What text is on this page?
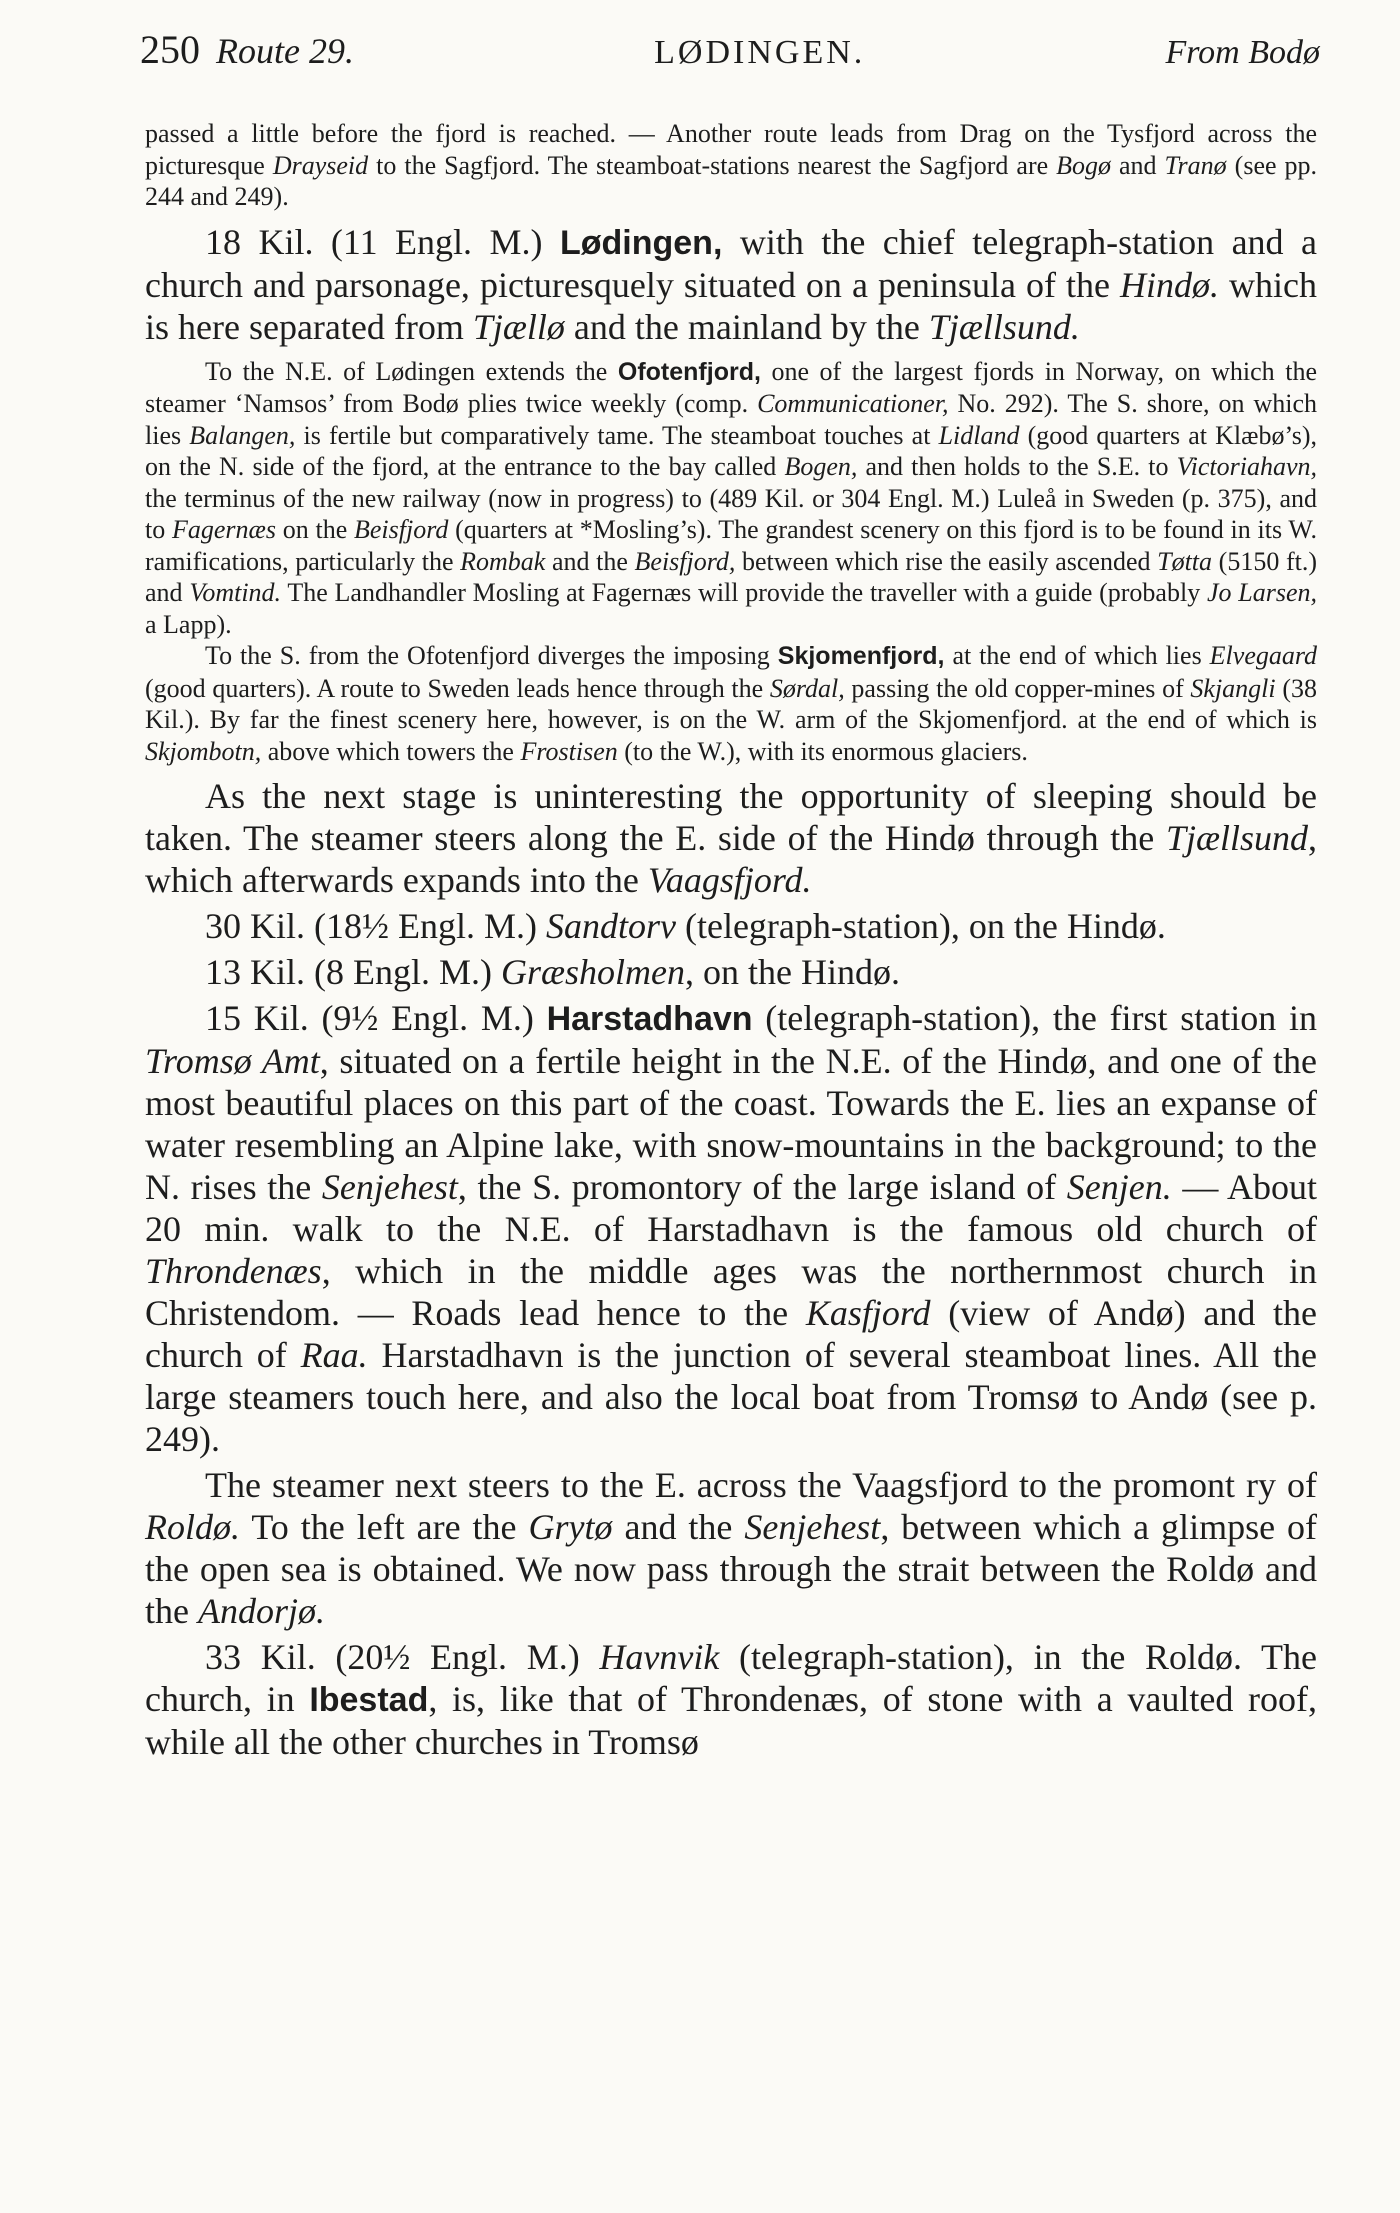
250 Route 29.	LØDINGEN.	From Bodø

passed a little before the fjord is reached. — Another route leads from Drag on the Tysfjord across the picturesque Drayseid to the Sagfjord. The steamboat-stations nearest the Sagfjord are Bogø and Tranø (see pp. 244 and 249).

18 Kil. (11 Engl. M.) Lødingen, with the chief telegraph-station and a church and parsonage, picturesquely situated on a peninsula of the Hindø. which is here separated from Tjællø and the mainland by the Tjællsund.

To the N.E. of Lødingen extends the Ofotenfjord, one of the largest fjords in Norway, on which the steamer ‘Namsos’ from Bodø plies twice weekly (comp. Communicationer, No. 292). The S. shore, on which lies Balangen, is fertile but comparatively tame. The steamboat touches at Lidland (good quarters at Klæbø’s), on the N. side of the fjord, at the entrance to the bay called Bogen, and then holds to the S.E. to Victoriahavn, the terminus of the new railway (now in progress) to (489 Kil. or 304 Engl. M.) Luleå in Sweden (p. 375), and to Fagernæs on the Beisfjord (quarters at *Mosling’s). The grandest scenery on this fjord is to be found in its W. ramifications, particularly the Rombak and the Beisfjord, between which rise the easily ascended Tøtta (5150 ft.) and Vomtind. The Landhandler Mosling at Fagernæs will provide the traveller with a guide (probably Jo Larsen, a Lapp).

To the S. from the Ofotenfjord diverges the imposing Skjomenfjord, at the end of which lies Elvegaard (good quarters). A route to Sweden leads hence through the Sørdal, passing the old copper-mines of Skjangli (38 Kil.). By far the finest scenery here, however, is on the W. arm of the Skjomenfjord. at the end of which is Skjombotn, above which towers the Frostisen (to the W.), with its enormous glaciers.

As the next stage is uninteresting the opportunity of sleeping should be taken. The steamer steers along the E. side of the Hindø through the Tjællsund, which afterwards expands into the Vaagsfjord.

30 Kil. (18½ Engl. M.) Sandtorv (telegraph-station), on the Hindø.

13 Kil. (8 Engl. M.) Græsholmen, on the Hindø.

15 Kil. (9½ Engl. M.) Harstadhavn (telegraph-station), the first station in Tromsø Amt, situated on a fertile height in the N.E. of the Hindø, and one of the most beautiful places on this part of the coast. Towards the E. lies an expanse of water resembling an Alpine lake, with snow-mountains in the background; to the N. rises the Senjehest, the S. promontory of the large island of Senjen. — About 20 min. walk to the N.E. of Harstadhavn is the famous old church of Throndenæs, which in the middle ages was the northernmost church in Christendom. — Roads lead hence to the Kasfjord (view of Andø) and the church of Raa. Harstadhavn is the junction of several steamboat lines. All the large steamers touch here, and also the local boat from Tromsø to Andø (see p. 249).

The steamer next steers to the E. across the Vaagsfjord to the promont ry of Roldø. To the left are the Grytø and the Senjehest, between which a glimpse of the open sea is obtained. We now pass through the strait between the Roldø and the Andorjø.

33 Kil. (20½ Engl. M.) Havnvik (telegraph-station), in the Roldø. The church, in Ibestad, is, like that of Throndenæs, of stone with a vaulted roof, while all the other churches in Tromsø
